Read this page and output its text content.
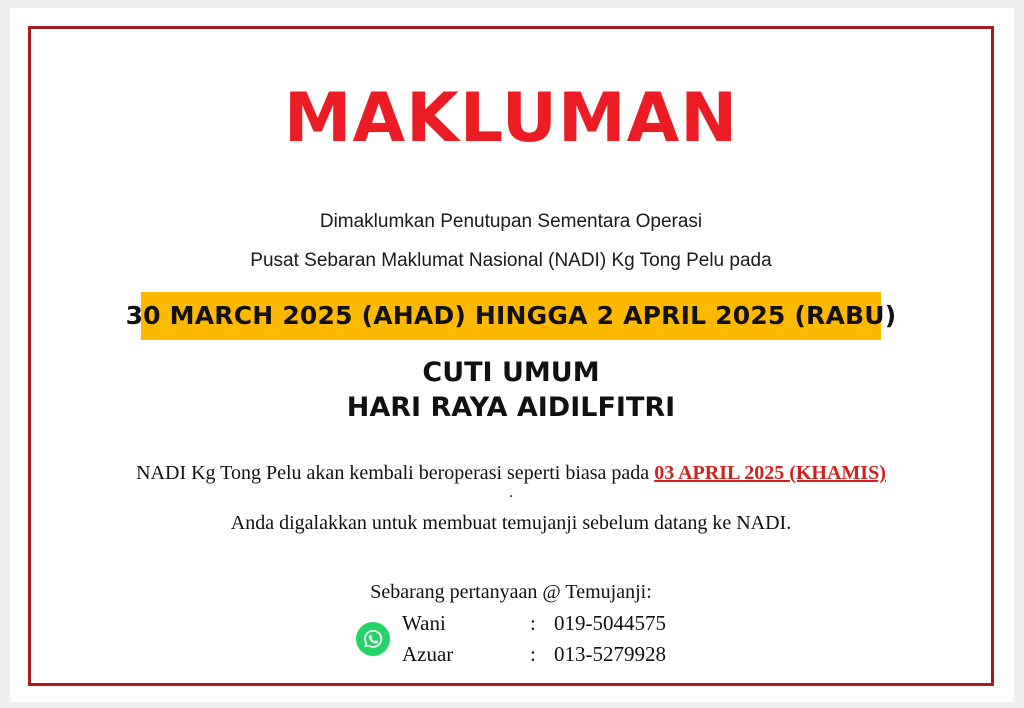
MAKLUMAN
Dimaklumkan Penutupan Sementara Operasi
Pusat Sebaran Maklumat Nasional (NADI) Kg Tong Pelu pada
30 MARCH 2025 (AHAD) HINGGA 2 APRIL 2025 (RABU)
CUTI UMUM
HARI RAYA AIDILFITRI
NADI Kg Tong Pelu akan kembali beroperasi seperti biasa pada 03 APRIL 2025 (KHAMIS)
.
Anda digalakkan untuk membuat temujanji sebelum datang ke NADI.
Sebarang pertanyaan @ Temujanji:
Wani	: 019-5044575
Azuar	: 013-5279928
